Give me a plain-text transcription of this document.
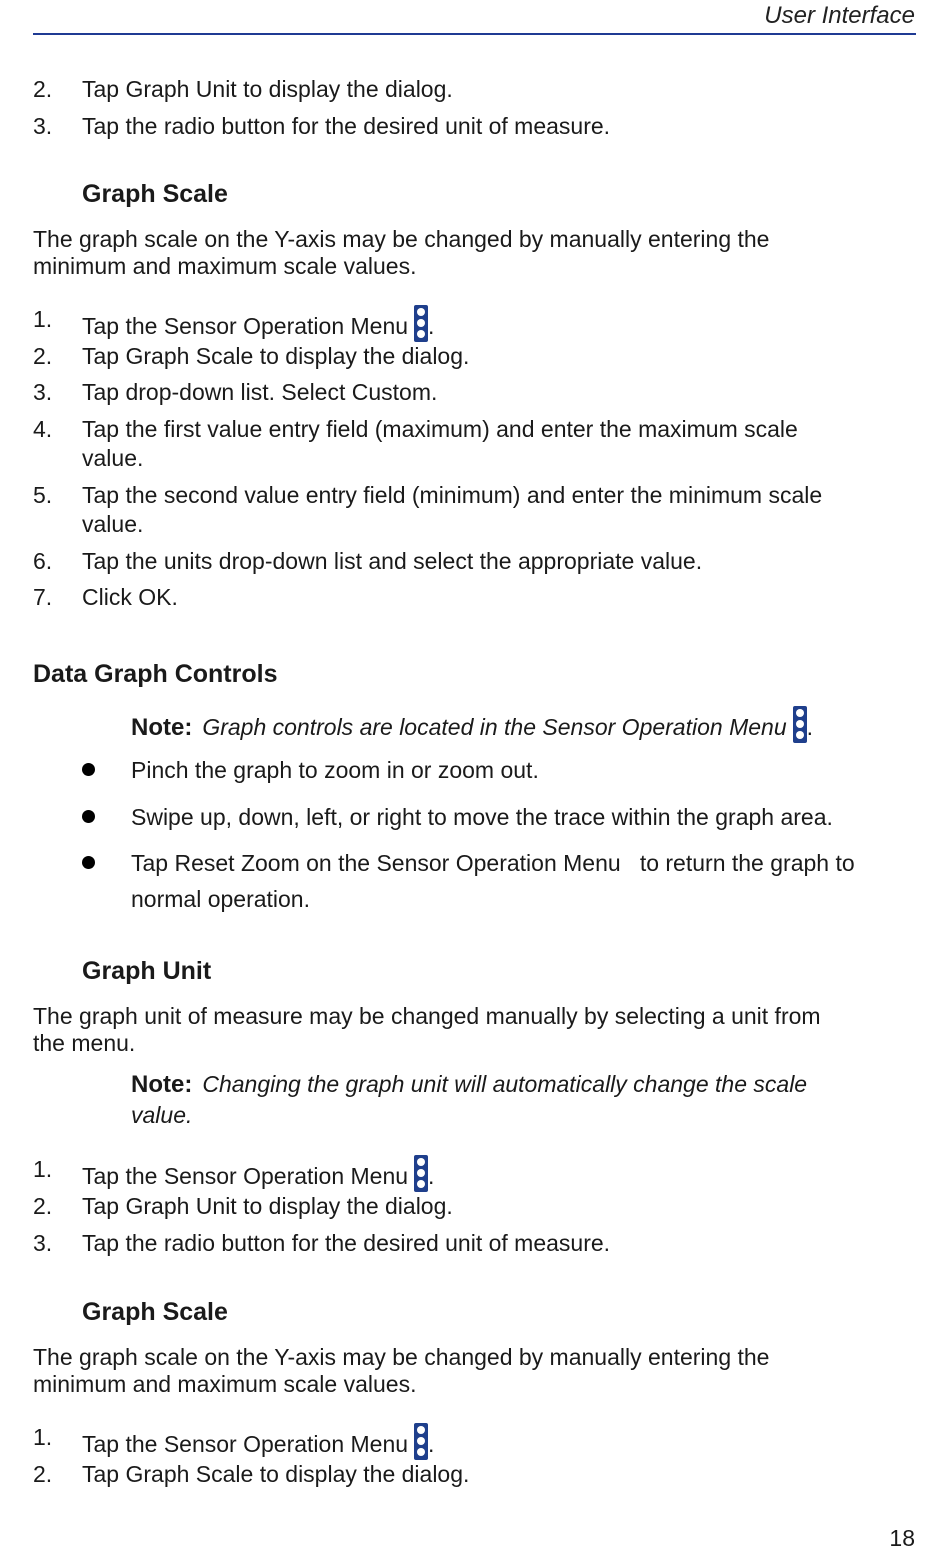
User Interface
2. Tap Graph Unit to display the dialog.
3. Tap the radio button for the desired unit of measure.
Graph Scale
The graph scale on the Y-axis may be changed by manually entering the
minimum and maximum scale values.
1. Tap the Sensor Operation Menu .
2. Tap Graph Scale to display the dialog.
3. Tap drop-down list. Select Custom.
4. Tap the first value entry field (maximum) and enter the maximum scale
value.
5. Tap the second value entry field (minimum) and enter the minimum scale
value.
6. Tap the units drop-down list and select the appropriate value.
7. Click OK.
Data Graph Controls
Note: Graph controls are located in the Sensor Operation Menu .
Pinch the graph to zoom in or zoom out.
Swipe up, down, left, or right to move the trace within the graph area.
Tap Reset Zoom on the Sensor Operation Menu   to return the graph to
normal operation.
Graph Unit
The graph unit of measure may be changed manually by selecting a unit from
the menu.
Note: Changing the graph unit will automatically change the scale
value.
1. Tap the Sensor Operation Menu .
2. Tap Graph Unit to display the dialog.
3. Tap the radio button for the desired unit of measure.
Graph Scale
The graph scale on the Y-axis may be changed by manually entering the
minimum and maximum scale values.
1. Tap the Sensor Operation Menu .
2. Tap Graph Scale to display the dialog.
18
